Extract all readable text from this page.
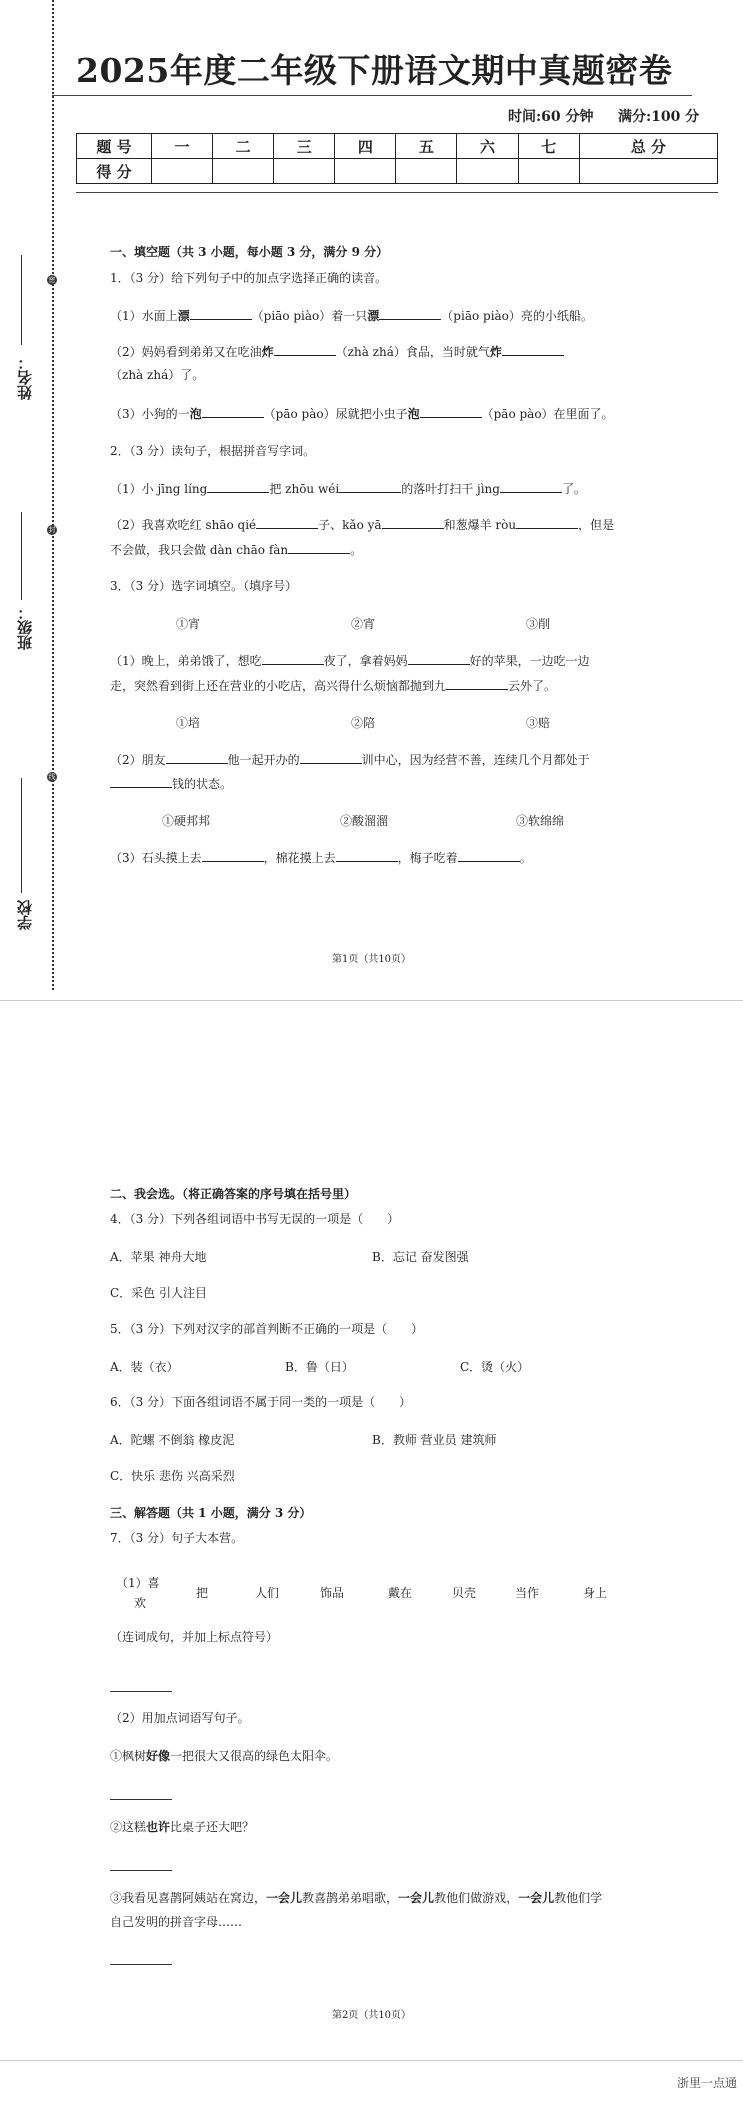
2025年度二年级下册语文期中真题密卷
时间:60 分钟 满分:100 分
题 号	一	二	三	四	五	六	七	总 分
得 分								
姓名：
班级：
学校
密
封
线
一、填空题（共 3 小题，每小题 3 分，满分 9 分）
1．（3 分）给下列句子中的加点字选择正确的读音。
（1）水面上漂	（piāo piào）着一只漂	（piāo piào）亮的小纸船。
（2）妈妈看到弟弟又在吃油炸	（zhà zhá）食品，当时就气炸
（zhà zhá）了。
（3）小狗的一泡	（pāo pào）尿就把小虫子泡	（pāo pào）在里面了。
2．（3 分）读句子，根据拼音写字词。
（1）小 jīng líng	把 zhōu wéi	的落叶打扫干 jìng	了。
（2）我喜欢吃红 shāo qié	子、kǎo yā	和葱爆羊 ròu	，但是
不会做，我只会做 dàn chāo fàn	。
3．（3 分）选字词填空。（填序号）
①宵	②宵	③削
（1）晚上，弟弟饿了，想吃	夜了，拿着妈妈	好的苹果，一边吃一边
走，突然看到街上还在营业的小吃店，高兴得什么烦恼都抛到九	云外了。
①培	②陪	③赔
（2）朋友	他一起开办的	训中心，因为经营不善，连续几个月都处于
钱的状态。
①硬邦邦	②酸溜溜	③软绵绵
（3）石头摸上去	，棉花摸上去	，梅子吃着	。
第1页（共10页）
二、我会选。（将正确答案的序号填在括号里）
4．（3 分）下列各组词语中书写无误的一项是（　　）
A．苹果 神舟大地	B．忘记 奋发图强
C．采色 引人注目
5．（3 分）下列对汉字的部首判断不正确的一项是（　　）
A．装（衣）	B．鲁（日）	C．烫（火）
6．（3 分）下面各组词语不属于同一类的一项是（　　）
A．陀螺 不倒翁 橡皮泥	B．教师 营业员 建筑师
C．快乐 悲伤 兴高采烈
三、解答题（共 1 小题，满分 3 分）
7．（3 分）句子大本营。
（1）喜
欢
把	人们	饰品	戴在	贝壳	当作	身上
（连词成句，并加上标点符号）
（2）用加点词语写句子。
①枫树好像一把很大又很高的绿色太阳伞。
②这糕也许比桌子还大吧？
③我看见喜鹊阿姨站在窝边，一会儿教喜鹊弟弟唱歌，一会儿教他们做游戏，一会儿教他们学
自己发明的拼音字母……
第2页（共10页）
浙里一点通
